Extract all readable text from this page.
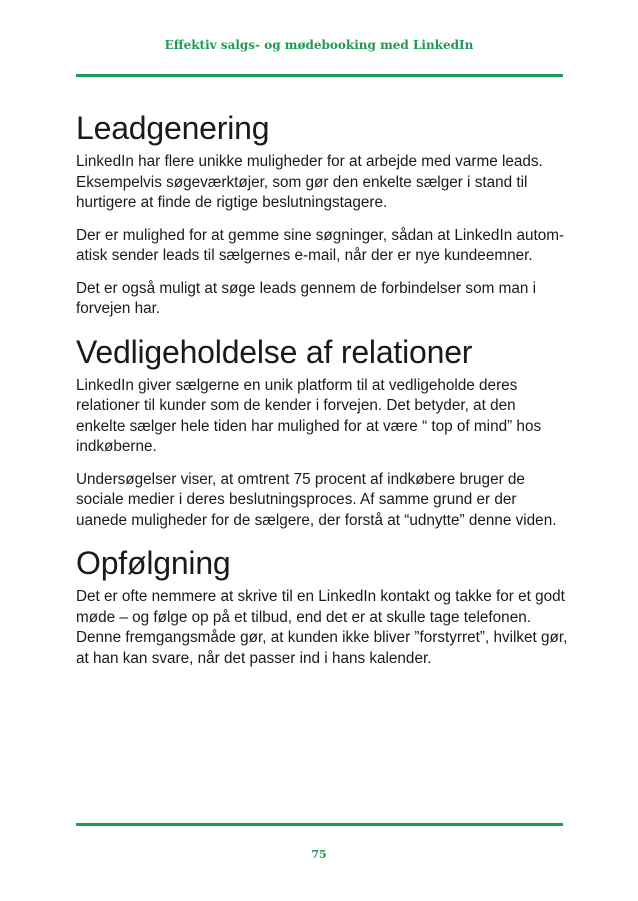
Effektiv salgs- og mødebooking med LinkedIn
Leadgenering

LinkedIn har flere unikke muligheder for at arbejde med varme leads. Eksempelvis søgeværktøjer, som gør den enkelte sælger i stand til hurtigere at finde de rigtige beslutningstagere.

Der er mulighed for at gemme sine søgninger, sådan at LinkedIn autom-atisk sender leads til sælgernes e-mail, når der er nye kundeemner.

Det er også muligt at søge leads gennem de forbindelser som man i forvejen har.

Vedligeholdelse af relationer

LinkedIn giver sælgerne en unik platform til at vedligeholde deres relationer til kunder som de kender i forvejen. Det betyder, at den enkelte sælger hele tiden har mulighed for at være “ top of mind” hos indkøberne.

Undersøgelser viser, at omtrent 75 procent af indkøbere bruger de sociale medier i deres beslutningsproces. Af samme grund er der uanede muligheder for de sælgere, der forstå at “udnytte” denne viden.

Opfølgning

Det er ofte nemmere at skrive til en LinkedIn kontakt og takke for et godt møde – og følge op på et tilbud, end det er at skulle tage telefonen. Denne fremgangsmåde gør, at kunden ikke bliver ”forstyrret”, hvilket gør, at han kan svare, når det passer ind i hans kalender.

75
